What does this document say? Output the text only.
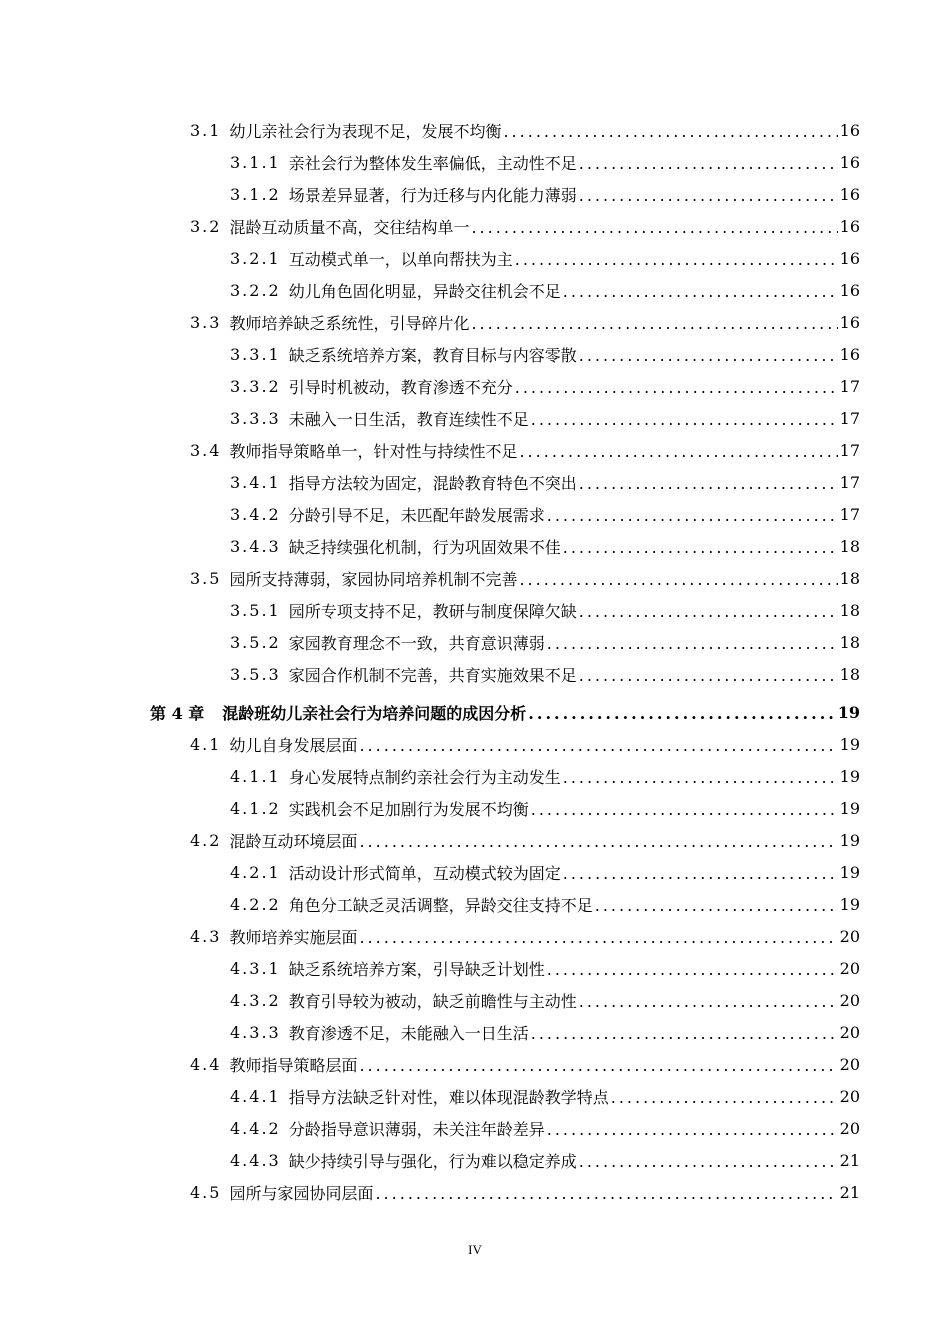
3.1 幼儿亲社会行为表现不足，发展不均衡 .....	16
3.1.1 亲社会行为整体发生率偏低，主动性不足 .....	16
3.1.2 场景差异显著，行为迁移与内化能力薄弱 .....	16
3.2 混龄互动质量不高，交往结构单一 .....	16
3.2.1 互动模式单一，以单向帮扶为主 .....	16
3.2.2 幼儿角色固化明显，异龄交往机会不足 .....	16
3.3 教师培养缺乏系统性，引导碎片化 .....	16
3.3.1 缺乏系统培养方案，教育目标与内容零散 .....	16
3.3.2 引导时机被动，教育渗透不充分 .....	17
3.3.3 未融入一日生活，教育连续性不足 .....	17
3.4 教师指导策略单一，针对性与持续性不足 .....	17
3.4.1 指导方法较为固定，混龄教育特色不突出 .....	17
3.4.2 分龄引导不足，未匹配年龄发展需求 .....	17
3.4.3 缺乏持续强化机制，行为巩固效果不佳 .....	18
3.5 园所支持薄弱，家园协同培养机制不完善 .....	18
3.5.1 园所专项支持不足，教研与制度保障欠缺 .....	18
3.5.2 家园教育理念不一致，共育意识薄弱 .....	18
3.5.3 家园合作机制不完善，共育实施效果不足 .....	18
第 4 章 混龄班幼儿亲社会行为培养问题的成因分析 .....	19
4.1 幼儿自身发展层面 .....	19
4.1.1 身心发展特点制约亲社会行为主动发生 .....	19
4.1.2 实践机会不足加剧行为发展不均衡 .....	19
4.2 混龄互动环境层面 .....	19
4.2.1 活动设计形式简单，互动模式较为固定 .....	19
4.2.2 角色分工缺乏灵活调整，异龄交往支持不足 .....	19
4.3 教师培养实施层面 .....	20
4.3.1 缺乏系统培养方案，引导缺乏计划性 .....	20
4.3.2 教育引导较为被动，缺乏前瞻性与主动性 .....	20
4.3.3 教育渗透不足，未能融入一日生活 .....	20
4.4 教师指导策略层面 .....	20
4.4.1 指导方法缺乏针对性，难以体现混龄教学特点 .....	20
4.4.2 分龄指导意识薄弱，未关注年龄差异 .....	20
4.4.3 缺少持续引导与强化，行为难以稳定养成 .....	21
4.5 园所与家园协同层面 .....	21
IV
